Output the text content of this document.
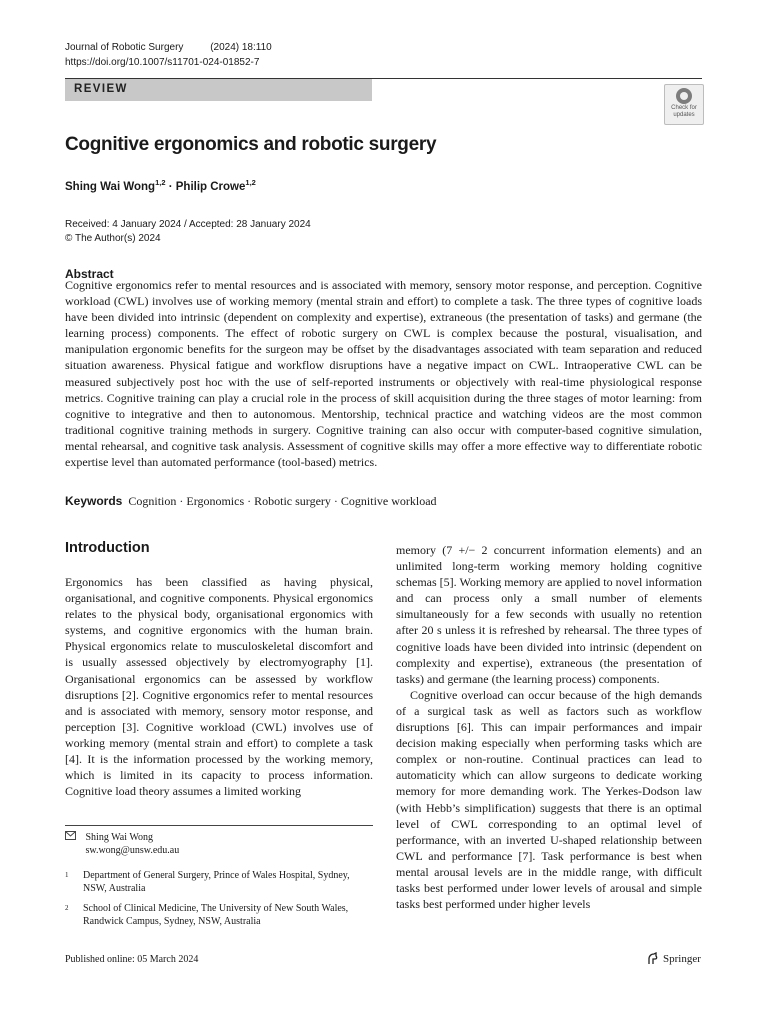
Journal of Robotic Surgery	(2024) 18:110
https://doi.org/10.1007/s11701-024-01852-7
REVIEW
Check for
updates
Cognitive ergonomics and robotic surgery
Shing Wai Wong$^{1,2}$ · Philip Crowe$^{1,2}$
Received: 4 January 2024 / Accepted: 28 January 2024
© The Author(s) 2024
Abstract
Cognitive ergonomics refer to mental resources and is associated with memory, sensory motor response, and perception. Cognitive workload (CWL) involves use of working memory (mental strain and effort) to complete a task. The three types of cognitive loads have been divided into intrinsic (dependent on complexity and expertise), extraneous (the presentation of tasks) and germane (the learning process) components. The effect of robotic surgery on CWL is complex because the postural, visualisation, and manipulation ergonomic benefits for the surgeon may be offset by the disadvantages associated with team separation and reduced situation awareness. Physical fatigue and workflow disruptions have a negative impact on CWL. Intraoperative CWL can be measured subjectively post hoc with the use of self-reported instruments or objectively with real-time physiological response metrics. Cognitive training can play a crucial role in the process of skill acquisition during the three stages of motor learning: from cognitive to integrative and then to autonomous. Mentorship, technical practice and watching videos are the most common traditional cognitive training methods in surgery. Cognitive training can also occur with computer-based cognitive simulation, mental rehearsal, and cognitive task analysis. Assessment of cognitive skills may offer a more effective way to differentiate robotic expertise level than automated performance (tool-based) metrics.
Keywords Cognition · Ergonomics · Robotic surgery · Cognitive workload
Introduction
Ergonomics has been classified as having physical, organisational, and cognitive components. Physical ergonomics relates to the physical body, organisational ergonomics with systems, and cognitive ergonomics with the human brain. Physical ergonomics relate to musculoskeletal discomfort and is usually assessed objectively by electromyography [1]. Organisational ergonomics can be assessed by workflow disruptions [2]. Cognitive ergonomics refer to mental resources and is associated with memory, sensory motor response, and perception [3]. Cognitive workload (CWL) involves use of working memory (mental strain and effort) to complete a task [4]. It is the information processed by the working memory, which is limited in its capacity to process information. Cognitive load theory assumes a limited working

memory (7 +/− 2 concurrent information elements) and an unlimited long-term working memory holding cognitive schemas [5]. Working memory are applied to novel information and can process only a small number of elements simultaneously for a few seconds with usually no retention after 20 s unless it is refreshed by rehearsal. The three types of cognitive loads have been divided into intrinsic (dependent on complexity and expertise), extraneous (the presentation of tasks) and germane (the learning process) components.

Cognitive overload can occur because of the high demands of a surgical task as well as factors such as workflow disruptions [6]. This can impair performances and impair decision making especially when performing tasks which are complex or non-routine. Continual practices can lead to automaticity which can allow surgeons to dedicate working memory for more demanding work. The Yerkes-Dodson law (with Hebb’s simplification) suggests that there is an optimal level of CWL corresponding to an optimal level of performance, with an inverted U-shaped relationship between CWL and performance [7]. Task performance is best when mental arousal levels are in the middle range, with difficult tasks best performed under lower levels of arousal and simple tasks best performed under higher levels

Shing Wai Wong
sw.wong@unsw.edu.au
1 Department of General Surgery, Prince of Wales Hospital, Sydney, NSW, Australia
2 School of Clinical Medicine, The University of New South Wales, Randwick Campus, Sydney, NSW, Australia
Published online: 05 March 2024	Springer
